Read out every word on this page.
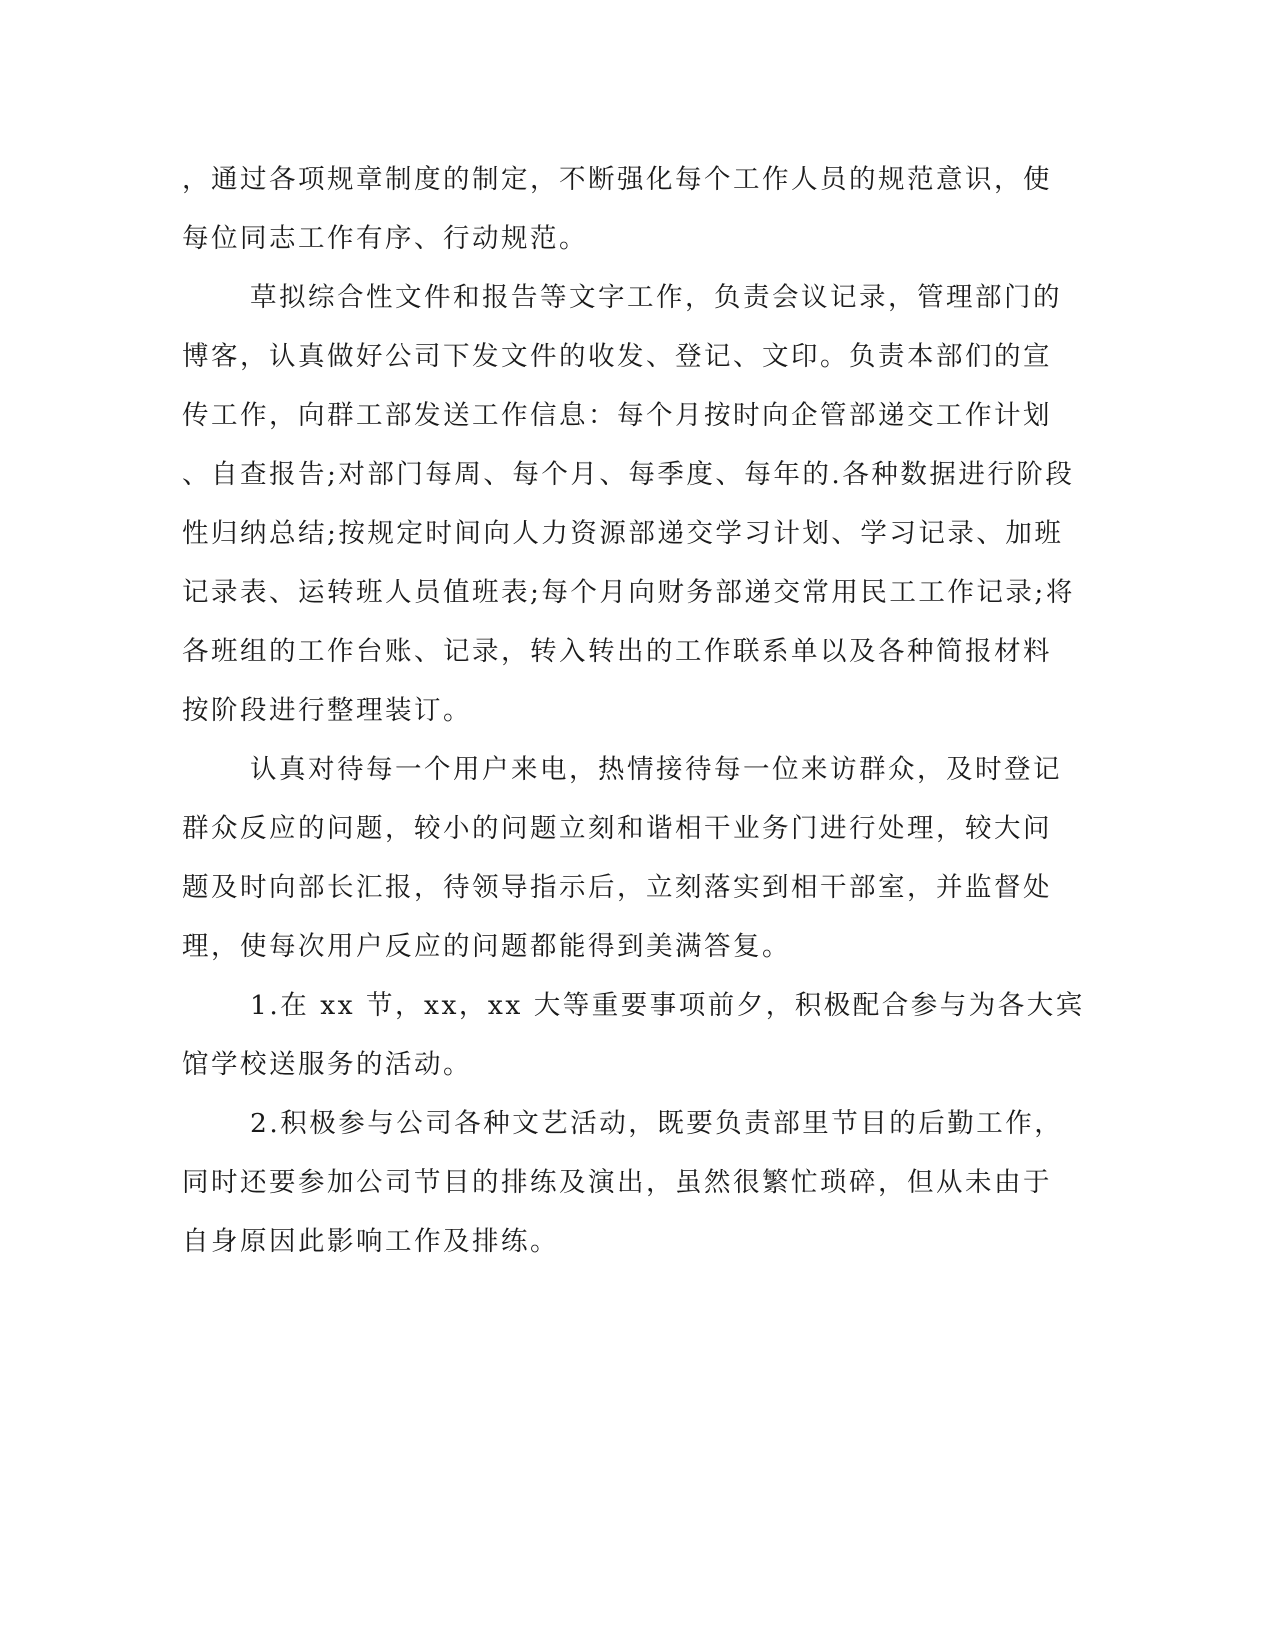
，通过各项规章制度的制定，不断强化每个工作人员的规范意识，使
每位同志工作有序、行动规范。
草拟综合性文件和报告等文字工作，负责会议记录，管理部门的
博客，认真做好公司下发文件的收发、登记、文印。负责本部们的宣
传工作，向群工部发送工作信息：每个月按时向企管部递交工作计划
、自查报告;对部门每周、每个月、每季度、每年的.各种数据进行阶段
性归纳总结;按规定时间向人力资源部递交学习计划、学习记录、加班
记录表、运转班人员值班表;每个月向财务部递交常用民工工作记录;将
各班组的工作台账、记录，转入转出的工作联系单以及各种简报材料
按阶段进行整理装订。
认真对待每一个用户来电，热情接待每一位来访群众，及时登记
群众反应的问题，较小的问题立刻和谐相干业务门进行处理，较大问
题及时向部长汇报，待领导指示后，立刻落实到相干部室，并监督处
理，使每次用户反应的问题都能得到美满答复。
1.在 xx 节，xx，xx 大等重要事项前夕，积极配合参与为各大宾
馆学校送服务的活动。
2.积极参与公司各种文艺活动，既要负责部里节目的后勤工作，
同时还要参加公司节目的排练及演出，虽然很繁忙琐碎，但从未由于
自身原因此影响工作及排练。
